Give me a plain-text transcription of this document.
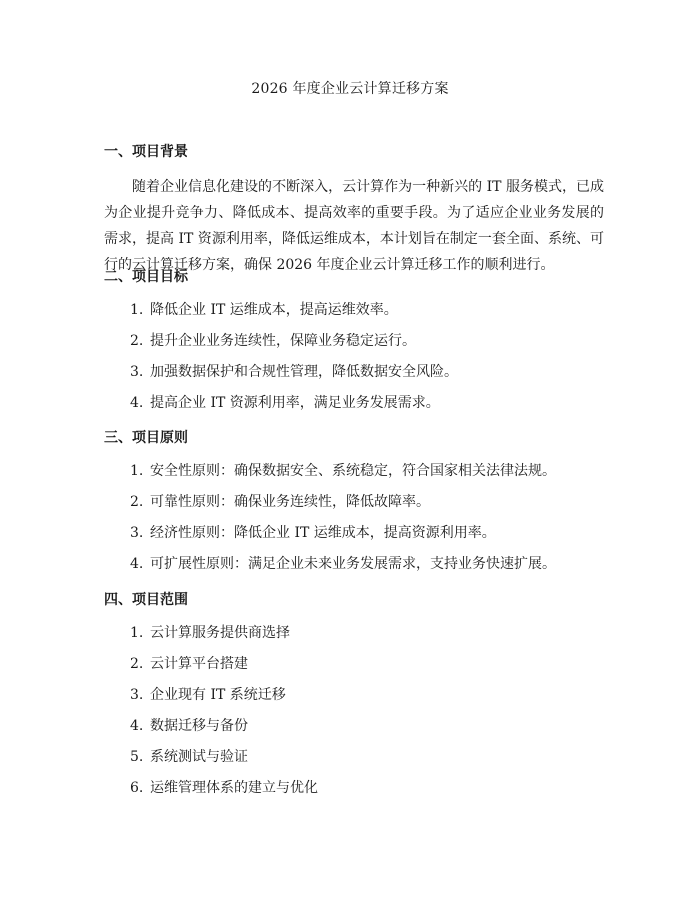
2026 年度企业云计算迁移方案
一、项目背景

随着企业信息化建设的不断深入，云计算作为一种新兴的 IT 服务模式，已成为企业提升竞争力、降低成本、提高效率的重要手段。为了适应企业业务发展的需求，提高 IT 资源利用率，降低运维成本，本计划旨在制定一套全面、系统、可行的云计算迁移方案，确保 2026 年度企业云计算迁移工作的顺利进行。

二、项目目标
1. 降低企业 IT 运维成本，提高运维效率。
2. 提升企业业务连续性，保障业务稳定运行。
3. 加强数据保护和合规性管理，降低数据安全风险。
4. 提高企业 IT 资源利用率，满足业务发展需求。
三、项目原则
1. 安全性原则：确保数据安全、系统稳定，符合国家相关法律法规。
2. 可靠性原则：确保业务连续性，降低故障率。
3. 经济性原则：降低企业 IT 运维成本，提高资源利用率。
4. 可扩展性原则：满足企业未来业务发展需求，支持业务快速扩展。
四、项目范围
1. 云计算服务提供商选择
2. 云计算平台搭建
3. 企业现有 IT 系统迁移
4. 数据迁移与备份
5. 系统测试与验证
6. 运维管理体系的建立与优化
